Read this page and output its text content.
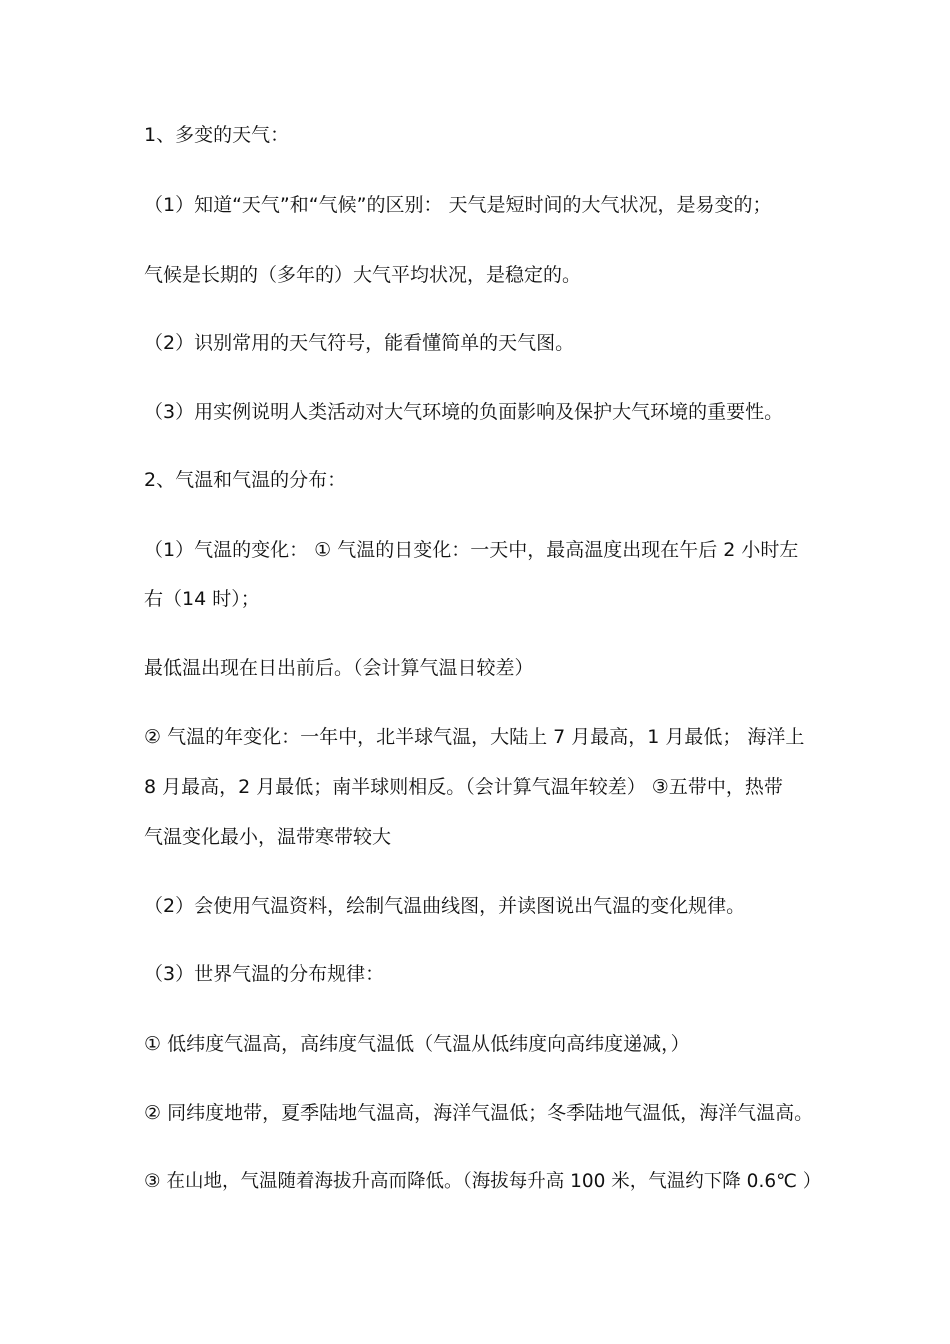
1、多变的天气：
（1）知道“天气”和“气候”的区别： 天气是短时间的大气状况，是易变的；
气候是长期的（多年的）大气平均状况，是稳定的。
（2）识别常用的天气符号，能看懂简单的天气图。
（3）用实例说明人类活动对大气环境的负面影响及保护大气环境的重要性。
2、气温和气温的分布：
（1）气温的变化： ① 气温的日变化：一天中，最高温度出现在午后 2 小时左
右（14 时）；
最低温出现在日出前后。（会计算气温日较差）
② 气温的年变化：一年中，北半球气温，大陆上 7 月最高，1 月最低； 海洋上
8 月最高，2 月最低；南半球则相反。（会计算气温年较差） ③五带中，热带
气温变化最小，温带寒带较大
（2）会使用气温资料，绘制气温曲线图，并读图说出气温的变化规律。
（3）世界气温的分布规律：
① 低纬度气温高，高纬度气温低（气温从低纬度向高纬度递减，）
② 同纬度地带，夏季陆地气温高，海洋气温低；冬季陆地气温低，海洋气温高。
③ 在山地，气温随着海拔升高而降低。（海拔每升高 100 米，气温约下降 0.6℃ ）
